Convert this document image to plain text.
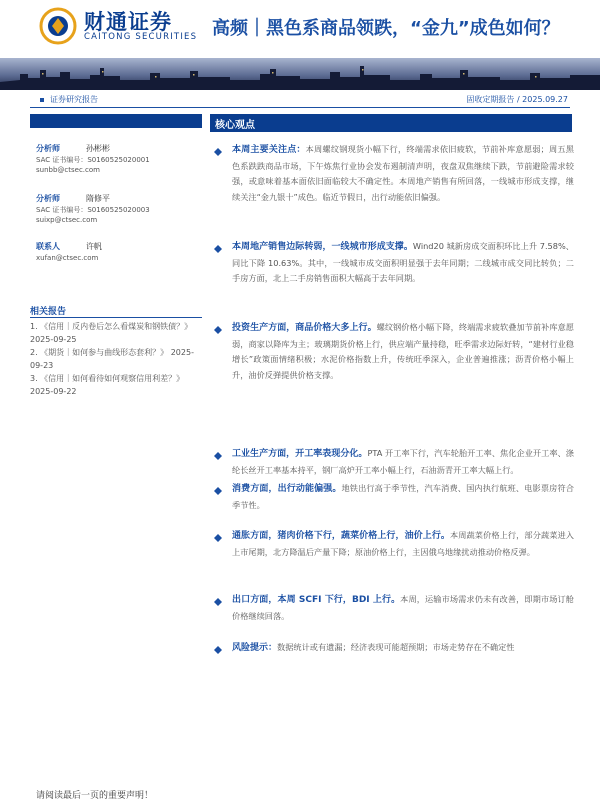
财通证券
CAITONG SECURITIES 高频｜黑色系商品领跌，“金九”成色如何？
证券研究报告	固收定期报告 / 2025.09.27
分析师	孙彬彬
SAC 证书编号：S0160525020001
sunbb@ctsec.com
分析师	隋修平
SAC 证书编号：S0160525020003
suixp@ctsec.com
联系人	许帆
xufan@ctsec.com
相关报告
1. 《信用｜反内卷后怎么看煤炭和钢铁债？》 2025-09-25
2. 《期货｜如何参与曲线形态套利？》 2025-09-23
3. 《信用｜如何看待如何观察信用利差？》 2025-09-22
核心观点
本周主要关注点：本周螺纹钢现货小幅下行，终端需求依旧疲软，节前补库意愿弱；周五黑色系跌跌商品市场，下午炼焦行业协会发布遏制清声明，夜盘双焦继续下跌，节前避险需求较强，或意味着基本面依旧面临较大不确定性。本周地产销售有所回落，一线城市形成支撑，继续关注“金九银十”成色。临近节假日，出行动能依旧偏强。
本周地产销售边际转弱，一线城市形成支撑。Wind20 城新房成交面积环比上升 7.58%、同比下降 10.63%。其中，一线城市成交面积明显强于去年同期；二线城市成交同比转负；二手房方面，北上二手房销售面积大幅高于去年同期。
投资生产方面，商品价格大多上行。螺纹钢价格小幅下降，终端需求疲软叠加节前补库意愿弱，商家以降库为主；玻璃期货价格上行，供应端产量持稳，旺季需求边际好转，“建材行业稳增长”政策面情绪积极；水泥价格指数上升，传统旺季深入，企业普遍推涨；沥青价格小幅上升，油价反弹提供价格支撑。
工业生产方面，开工率表现分化。PTA 开工率下行，汽车轮胎开工率、焦化企业开工率、涤纶长丝开工率基本持平，钢厂高炉开工率小幅上行，石油沥青开工率大幅上行。
消费方面，出行动能偏强。地铁出行高于季节性，汽车消费、国内执行航班、电影票房符合季节性。
通胀方面，猪肉价格下行，蔬菜价格上行，油价上行。本周蔬菜价格上行，部分蔬菜进入上市尾期，北方降温后产量下降；原油价格上行，主因俄乌地缘扰动推动价格反弹。
出口方面，本周 SCFI 下行，BDI 上行。本周，运输市场需求仍未有改善，即期市场订舱价格继续回落。
风险提示：数据统计或有遗漏；经济表现可能超预期；市场走势存在不确定性
请阅读最后一页的重要声明！
